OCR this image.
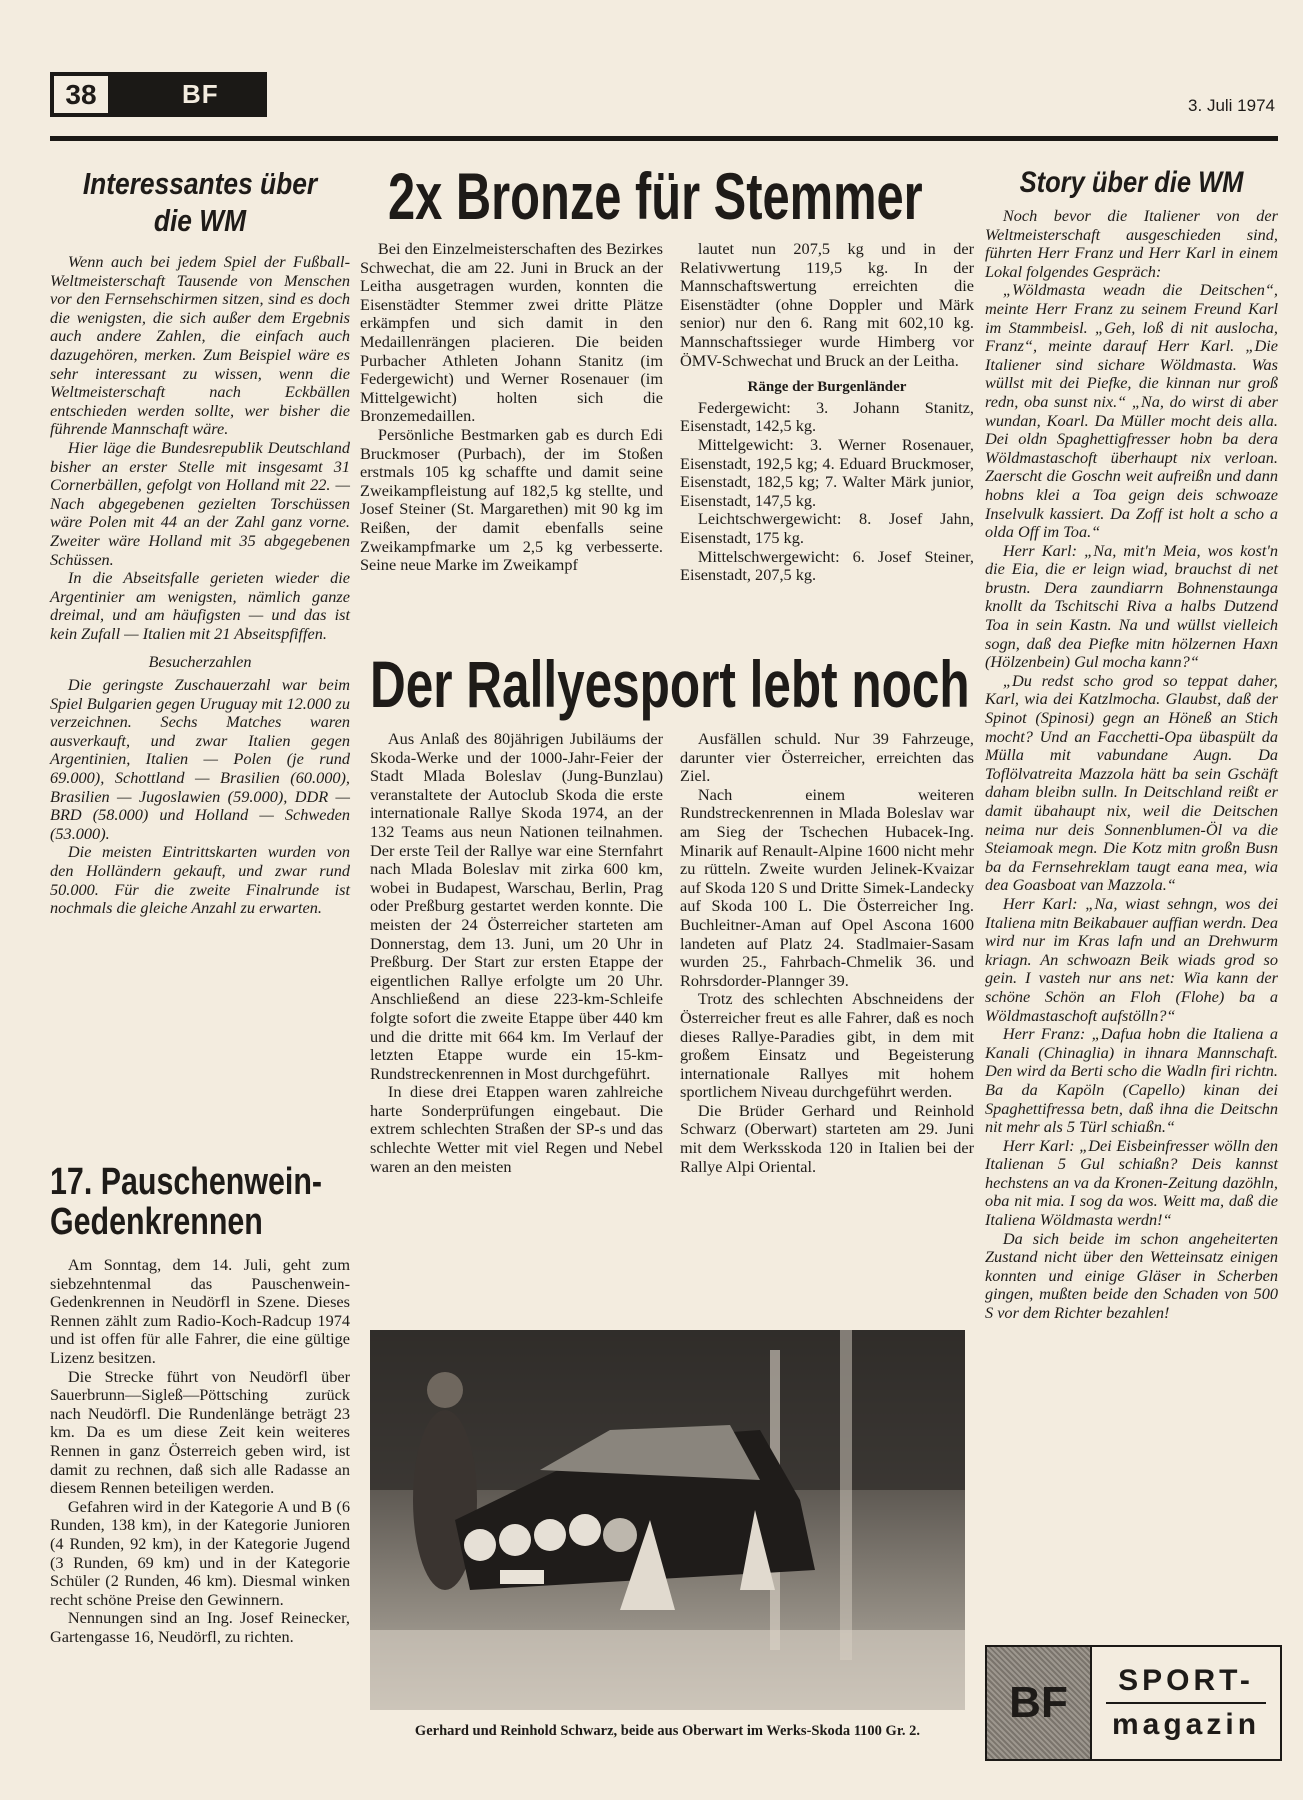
38	BF	3. Juli 1974
Interessantes über die WM

Wenn auch bei jedem Spiel der Fußball-Weltmeisterschaft Tausende von Menschen vor den Fernsehschirmen sitzen, sind es doch die wenigsten, die sich außer dem Ergebnis auch andere Zahlen, die einfach auch dazugehören, merken. Zum Beispiel wäre es sehr interessant zu wissen, wenn die Weltmeisterschaft nach Eckbällen entschieden werden sollte, wer bisher die führende Mannschaft wäre.

Hier läge die Bundesrepublik Deutschland bisher an erster Stelle mit insgesamt 31 Cornerbällen, gefolgt von Holland mit 22. — Nach abgegebenen gezielten Torschüssen wäre Polen mit 44 an der Zahl ganz vorne. Zweiter wäre Holland mit 35 abgegebenen Schüssen.

In die Abseitsfalle gerieten wieder die Argentinier am wenigsten, nämlich ganze dreimal, und am häufigsten — und das ist kein Zufall — Italien mit 21 Abseitspfiffen.

Besucherzahlen

Die geringste Zuschauerzahl war beim Spiel Bulgarien gegen Uruguay mit 12.000 zu verzeichnen. Sechs Matches waren ausverkauft, und zwar Italien gegen Argentinien, Italien — Polen (je rund 69.000), Schottland — Brasilien (60.000), Brasilien — Jugoslawien (59.000), DDR — BRD (58.000) und Holland — Schweden (53.000).

Die meisten Eintrittskarten wurden von den Holländern gekauft, und zwar rund 50.000. Für die zweite Finalrunde ist nochmals die gleiche Anzahl zu erwarten.

17. Pauschenwein-
Gedenkrennen

Am Sonntag, dem 14. Juli, geht zum siebzehntenmal das Pauschenwein-Gedenkrennen in Neudörfl in Szene. Dieses Rennen zählt zum Radio-Koch-Radcup 1974 und ist offen für alle Fahrer, die eine gültige Lizenz besitzen.

Die Strecke führt von Neudörfl über Sauerbrunn—Sigleß—Pöttsching zurück nach Neudörfl. Die Rundenlänge beträgt 23 km. Da es um diese Zeit kein weiteres Rennen in ganz Österreich geben wird, ist damit zu rechnen, daß sich alle Radasse an diesem Rennen beteiligen werden.

Gefahren wird in der Kategorie A und B (6 Runden, 138 km), in der Kategorie Junioren (4 Runden, 92 km), in der Kategorie Jugend (3 Runden, 69 km) und in der Kategorie Schüler (2 Runden, 46 km). Diesmal winken recht schöne Preise den Gewinnern.

Nennungen sind an Ing. Josef Reinecker, Gartengasse 16, Neudörfl, zu richten.

2x Bronze für Stemmer

Bei den Einzelmeisterschaften des Bezirkes Schwechat, die am 22. Juni in Bruck an der Leitha ausgetragen wurden, konnten die Eisenstädter Stemmer zwei dritte Plätze erkämpfen und sich damit in den Medaillenrängen placieren. Die beiden Purbacher Athleten Johann Stanitz (im Federgewicht) und Werner Rosenauer (im Mittelgewicht) holten sich die Bronzemedaillen.

Persönliche Bestmarken gab es durch Edi Bruckmoser (Purbach), der im Stoßen erstmals 105 kg schaffte und damit seine Zweikampfleistung auf 182,5 kg stellte, und Josef Steiner (St. Margarethen) mit 90 kg im Reißen, der damit ebenfalls seine Zweikampfmarke um 2,5 kg verbesserte. Seine neue Marke im Zweikampf

lautet nun 207,5 kg und in der Relativwertung 119,5 kg. In der Mannschaftswertung erreichten die Eisenstädter (ohne Doppler und Märk senior) nur den 6. Rang mit 602,10 kg. Mannschaftssieger wurde Himberg vor ÖMV-Schwechat und Bruck an der Leitha.

Ränge der Burgenländer

Federgewicht: 3. Johann Stanitz, Eisenstadt, 142,5 kg.

Mittelgewicht: 3. Werner Rosenauer, Eisenstadt, 192,5 kg; 4. Eduard Bruckmoser, Eisenstadt, 182,5 kg; 7. Walter Märk junior, Eisenstadt, 147,5 kg.

Leichtschwergewicht: 8. Josef Jahn, Eisenstadt, 175 kg.

Mittelschwergewicht: 6. Josef Steiner, Eisenstadt, 207,5 kg.

Der Rallyesport lebt noch

Aus Anlaß des 80jährigen Jubiläums der Skoda-Werke und der 1000-Jahr-Feier der Stadt Mlada Boleslav (Jung-Bunzlau) veranstaltete der Autoclub Skoda die erste internationale Rallye Skoda 1974, an der 132 Teams aus neun Nationen teilnahmen. Der erste Teil der Rallye war eine Sternfahrt nach Mlada Boleslav mit zirka 600 km, wobei in Budapest, Warschau, Berlin, Prag oder Preßburg gestartet werden konnte. Die meisten der 24 Österreicher starteten am Donnerstag, dem 13. Juni, um 20 Uhr in Preßburg. Der Start zur ersten Etappe der eigentlichen Rallye erfolgte um 20 Uhr. Anschließend an diese 223-km-Schleife folgte sofort die zweite Etappe über 440 km und die dritte mit 664 km. Im Verlauf der letzten Etappe wurde ein 15-km-Rundstreckenrennen in Most durchgeführt.

In diese drei Etappen waren zahlreiche harte Sonderprüfungen eingebaut. Die extrem schlechten Straßen der SP-s und das schlechte Wetter mit viel Regen und Nebel waren an den meisten

Ausfällen schuld. Nur 39 Fahrzeuge, darunter vier Österreicher, erreichten das Ziel.

Nach einem weiteren Rundstreckenrennen in Mlada Boleslav war am Sieg der Tschechen Hubacek-Ing. Minarik auf Renault-Alpine 1600 nicht mehr zu rütteln. Zweite wurden Jelinek-Kvaizar auf Skoda 120 S und Dritte Simek-Landecky auf Skoda 100 L. Die Österreicher Ing. Buchleitner-Aman auf Opel Ascona 1600 landeten auf Platz 24. Stadlmaier-Sasam wurden 25., Fahrbach-Chmelik 36. und Rohrsdorder-Plannger 39.

Trotz des schlechten Abschneidens der Österreicher freut es alle Fahrer, daß es noch dieses Rallye-Paradies gibt, in dem mit großem Einsatz und Begeisterung internationale Rallyes mit hohem sportlichem Niveau durchgeführt werden.

Die Brüder Gerhard und Reinhold Schwarz (Oberwart) starteten am 29. Juni mit dem Werksskoda 120 in Italien bei der Rallye Alpi Oriental.

Gerhard und Reinhold Schwarz, beide aus Oberwart im Werks-Skoda 1100 Gr. 2.
Story über die WM

Noch bevor die Italiener von der Weltmeisterschaft ausgeschieden sind, führten Herr Franz und Herr Karl in einem Lokal folgendes Gespräch:

„Wöldmasta weadn die Deitschen“, meinte Herr Franz zu seinem Freund Karl im Stammbeisl. „Geh, loß di nit auslocha, Franz“, meinte darauf Herr Karl. „Die Italiener sind sichare Wöldmasta. Was wüllst mit dei Piefke, die kinnan nur groß redn, oba sunst nix.“ „Na, do wirst di aber wundan, Koarl. Da Müller mocht deis alla. Dei oldn Spaghettigfresser hobn ba dera Wöldmastaschoft überhaupt nix verloan. Zaerscht die Goschn weit aufreißn und dann hobns klei a Toa geign deis schwoaze Inselvulk kassiert. Da Zoff ist holt a scho a olda Off im Toa.“

Herr Karl: „Na, mit'n Meia, wos kost'n die Eia, die er leign wiad, brauchst di net brustn. Dera zaundiarrn Bohnenstaunga knollt da Tschitschi Riva a halbs Dutzend Toa in sein Kastn. Na und wüllst vielleich sogn, daß dea Piefke mitn hölzernen Haxn (Hölzenbein) Gul mocha kann?“

„Du redst scho grod so teppat daher, Karl, wia dei Katzlmocha. Glaubst, daß der Spinot (Spinosi) gegn an Höneß an Stich mocht? Und an Facchetti-Opa übaspült da Mülla mit vabundane Augn. Da Toflölvatreita Mazzola hätt ba sein Gschäft daham bleibn sulln. In Deitschland reißt er damit übahaupt nix, weil die Deitschen neima nur deis Sonnenblumen-Öl va die Steiamoak megn. Die Kotz mitn großn Busn ba da Fernsehreklam taugt eana mea, wia dea Goasboat van Mazzola.“

Herr Karl: „Na, wiast sehngn, wos dei Italiena mitn Beikabauer auffian werdn. Dea wird nur im Kras lafn und an Drehwurm kriagn. An schwoazn Beik wiads grod so gein. I vasteh nur ans net: Wia kann der schöne Schön an Floh (Flohe) ba a Wöldmastaschoft aufstölln?“

Herr Franz: „Dafua hobn die Italiena a Kanali (Chinaglia) in ihnara Mannschaft. Den wird da Berti scho die Wadln firi richtn. Ba da Kapöln (Capello) kinan dei Spaghettifressa betn, daß ihna die Deitschn nit mehr als 5 Türl schiaßn.“

Herr Karl: „Dei Eisbeinfresser wölln den Italienan 5 Gul schiaßn? Deis kannst hechstens an va da Kronen-Zeitung dazöhln, oba nit mia. I sog da wos. Weitt ma, daß die Italiena Wöldmasta werdn!“

Da sich beide im schon angeheiterten Zustand nicht über den Wetteinsatz einigen konnten und einige Gläser in Scherben gingen, mußten beide den Schaden von 500 S vor dem Richter bezahlen!

BF	SPORT-
magazin
